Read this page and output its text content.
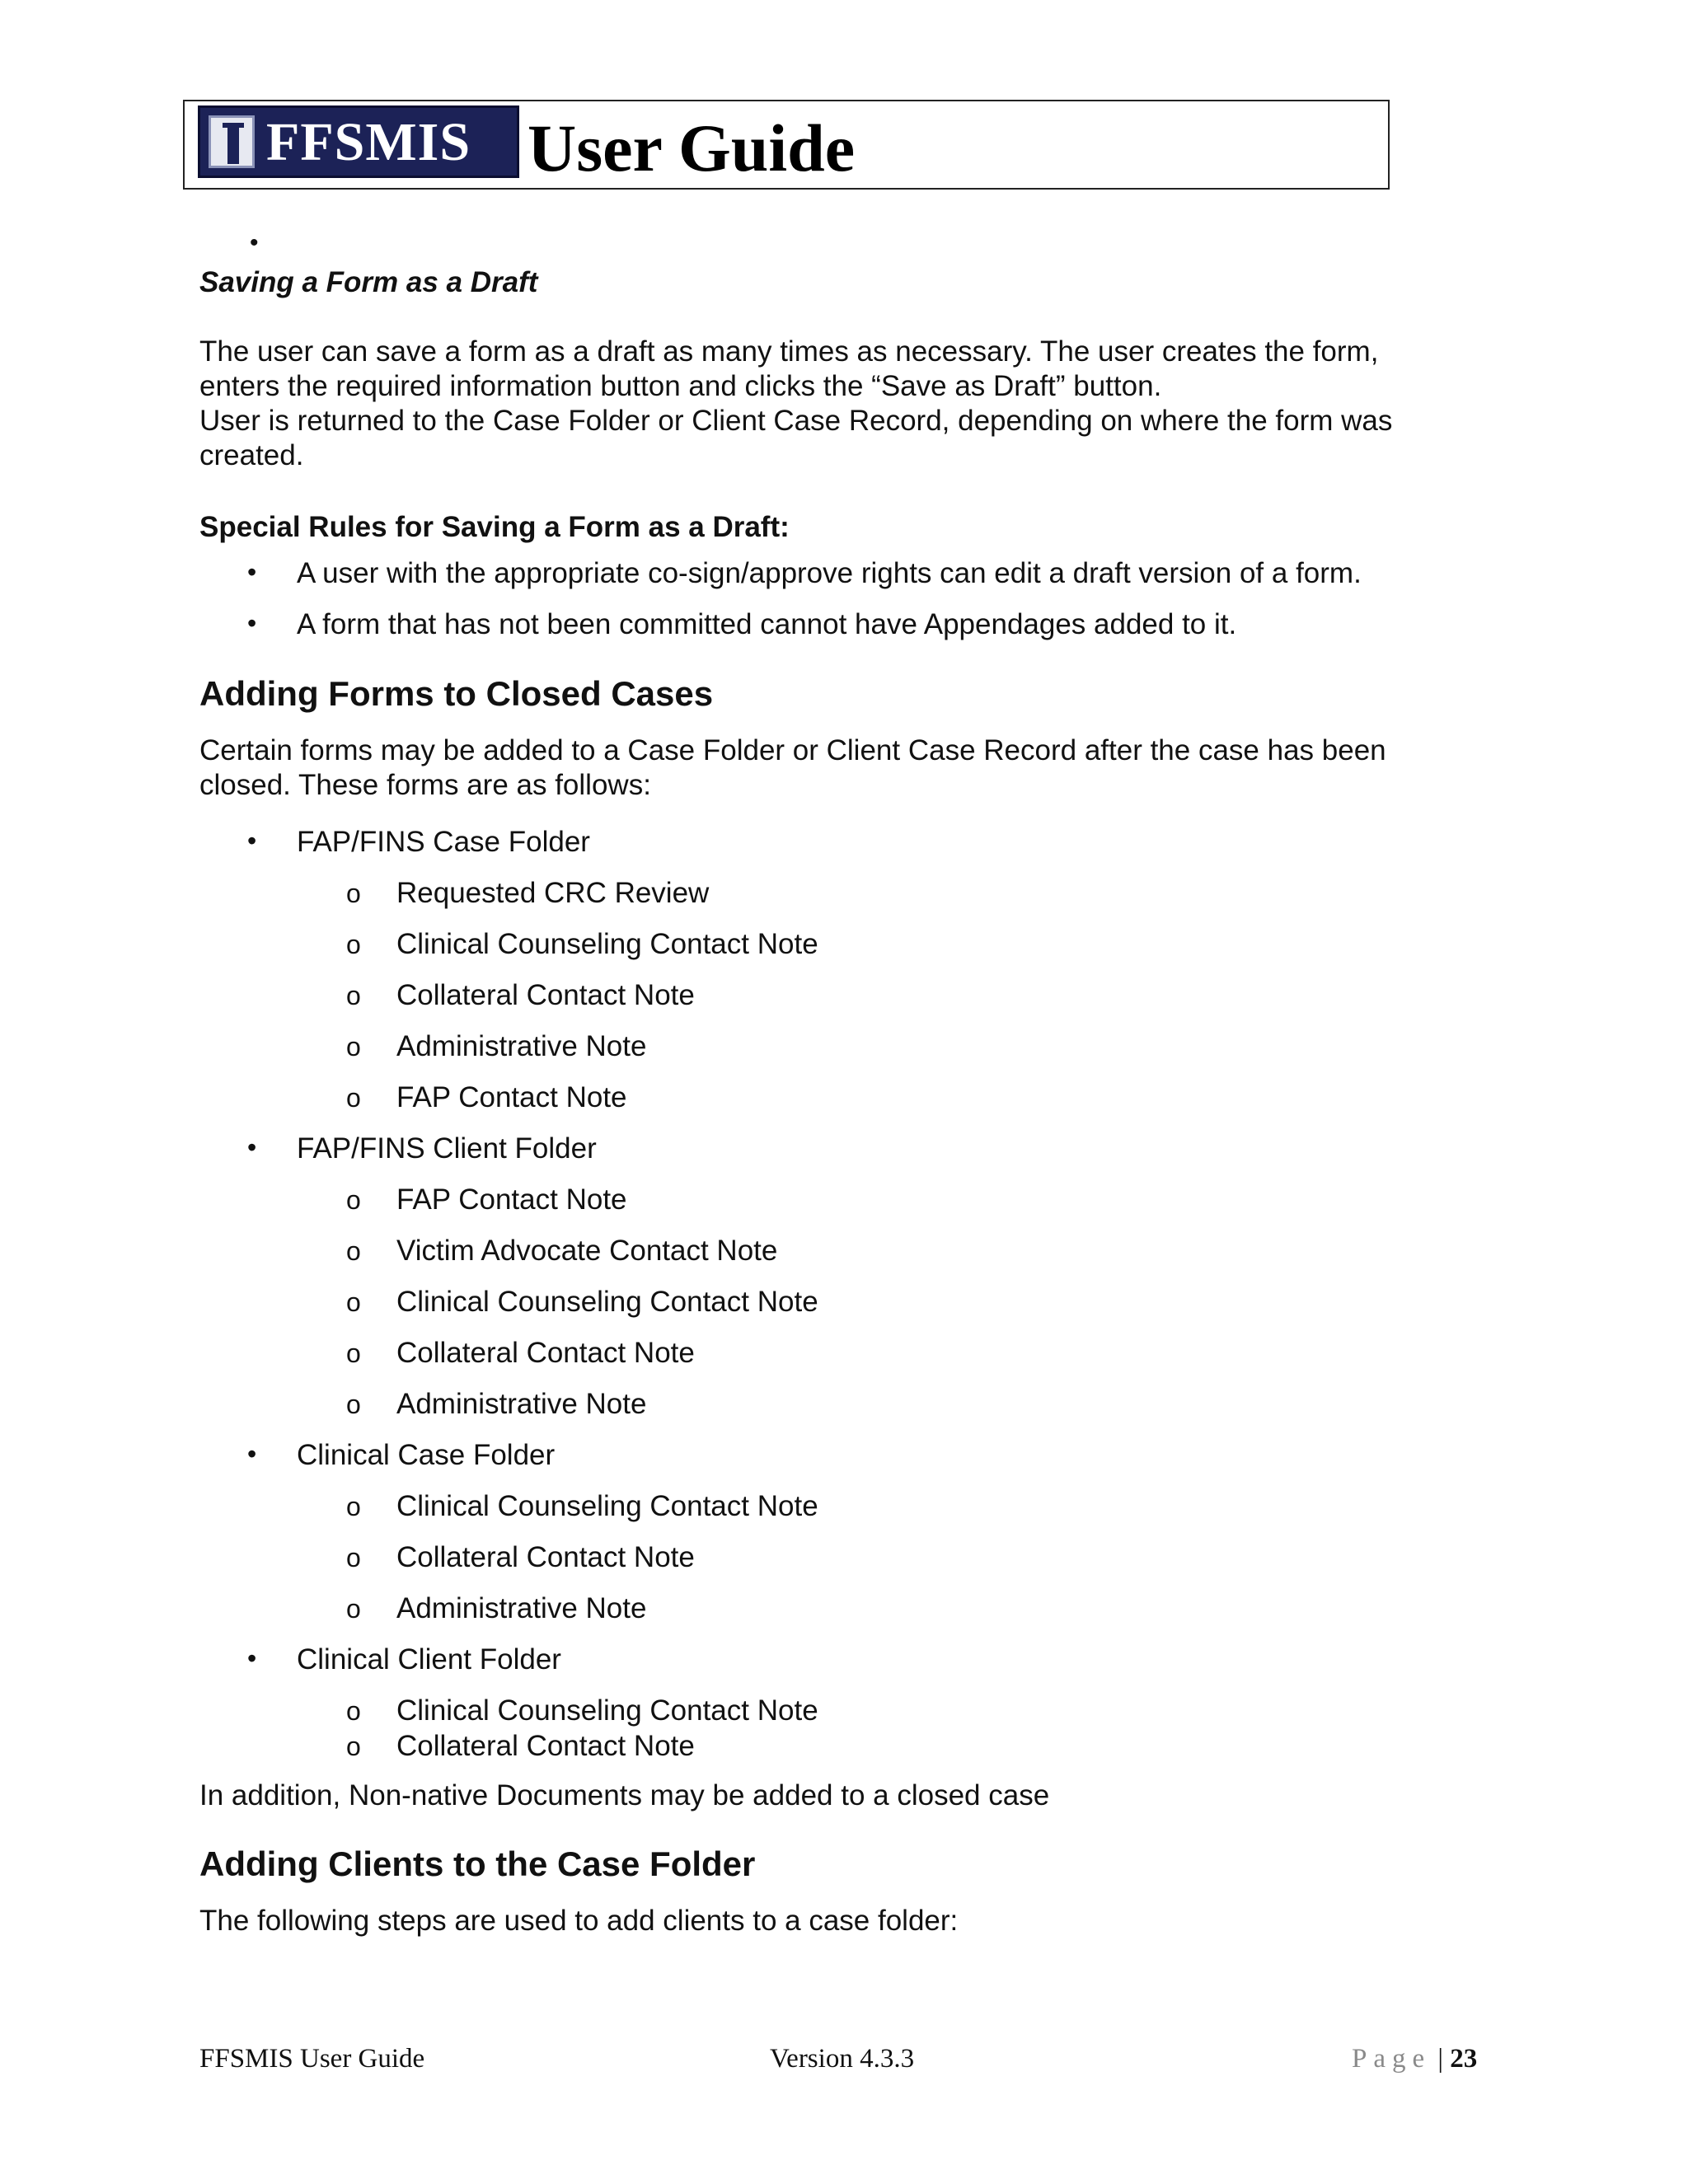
FFSMIS User Guide
•
Saving a Form as a Draft
The user can save a form as a draft as many times as necessary. The user creates the form,
enters the required information button and clicks the “Save as Draft” button.
User is returned to the Case Folder or Client Case Record, depending on where the form was
created.
Special Rules for Saving a Form as a Draft:
• A user with the appropriate co-sign/approve rights can edit a draft version of a form.
• A form that has not been committed cannot have Appendages added to it.
Adding Forms to Closed Cases
Certain forms may be added to a Case Folder or Client Case Record after the case has been
closed. These forms are as follows:
• FAP/FINS Case Folder
o Requested CRC Review
o Clinical Counseling Contact Note
o Collateral Contact Note
o Administrative Note
o FAP Contact Note
• FAP/FINS Client Folder
o FAP Contact Note
o Victim Advocate Contact Note
o Clinical Counseling Contact Note
o Collateral Contact Note
o Administrative Note
• Clinical Case Folder
o Clinical Counseling Contact Note
o Collateral Contact Note
o Administrative Note
• Clinical Client Folder
o Clinical Counseling Contact Note
o Collateral Contact Note
In addition, Non-native Documents may be added to a closed case
Adding Clients to the Case Folder
The following steps are used to add clients to a case folder:
FFSMIS User Guide	Version 4.3.3	Page | 23
